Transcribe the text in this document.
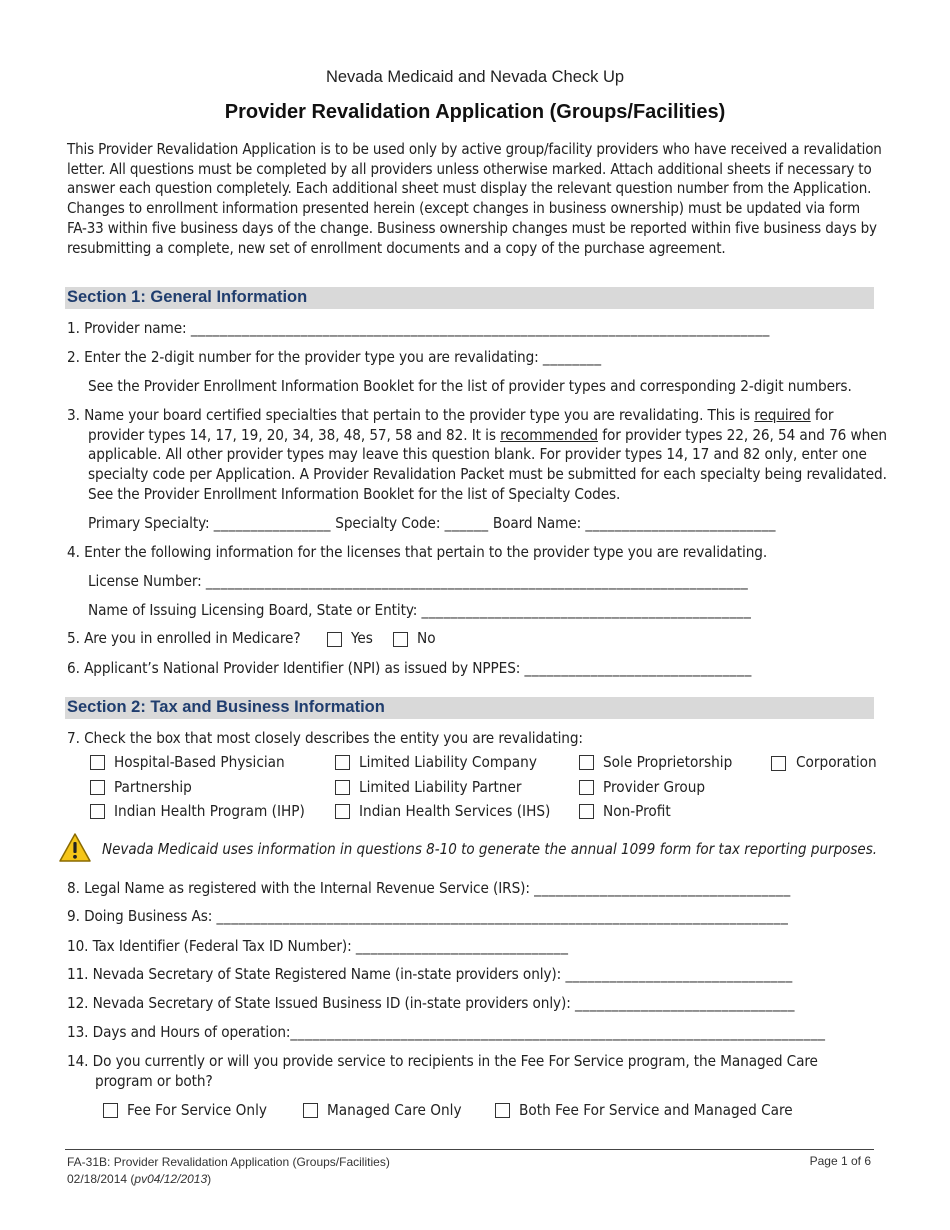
Nevada Medicaid and Nevada Check Up
Provider Revalidation Application (Groups/Facilities)

This Provider Revalidation Application is to be used only by active group/facility providers who have received a revalidation letter. All questions must be completed by all providers unless otherwise marked. Attach additional sheets if necessary to answer each question completely. Each additional sheet must display the relevant question number from the Application. Changes to enrollment information presented herein (except changes in business ownership) must be updated via form FA-33 within five business days of the change. Business ownership changes must be reported within five business days by resubmitting a complete, new set of enrollment documents and a copy of the purchase agreement.

Section 1: General Information
1. Provider name: _______________________________________________________________________________
2. Enter the 2-digit number for the provider type you are revalidating: ________
See the Provider Enrollment Information Booklet for the list of provider types and corresponding 2-digit numbers.
3. Name your board certified specialties that pertain to the provider type you are revalidating. This is required for provider types 14, 17, 19, 20, 34, 38, 48, 57, 58 and 82. It is recommended for provider types 22, 26, 54 and 76 when applicable. All other provider types may leave this question blank. For provider types 14, 17 and 82 only, enter one specialty code per Application. A Provider Revalidation Packet must be submitted for each specialty being revalidated. See the Provider Enrollment Information Booklet for the list of Specialty Codes.
Primary Specialty: ________________ Specialty Code: ______ Board Name: __________________________
4. Enter the following information for the licenses that pertain to the provider type you are revalidating.
License Number: __________________________________________________________________________
Name of Issuing Licensing Board, State or Entity: _____________________________________________
5. Are you in enrolled in Medicare?	Yes	No
6. Applicant’s National Provider Identifier (NPI) as issued by NPPES: _______________________________
Section 2: Tax and Business Information
7. Check the box that most closely describes the entity you are revalidating:
Hospital-Based Physician	Limited Liability Company	Sole Proprietorship	Corporation
Partnership	Limited Liability Partner	Provider Group
Indian Health Program (IHP)	Indian Health Services (IHS)	Non-Profit
Nevada Medicaid uses information in questions 8-10 to generate the annual 1099 form for tax reporting purposes.
8. Legal Name as registered with the Internal Revenue Service (IRS): ___________________________________
9. Doing Business As: ______________________________________________________________________________
10. Tax Identifier (Federal Tax ID Number): _____________________________
11. Nevada Secretary of State Registered Name (in-state providers only): _______________________________
12. Nevada Secretary of State Issued Business ID (in-state providers only): ______________________________
13. Days and Hours of operation:_________________________________________________________________________
14. Do you currently or will you provide service to recipients in the Fee For Service program, the Managed Care program or both?
Fee For Service Only	Managed Care Only	Both Fee For Service and Managed Care
FA-31B: Provider Revalidation Application (Groups/Facilities)
02/18/2014 (pv04/12/2013)
Page 1 of 6
